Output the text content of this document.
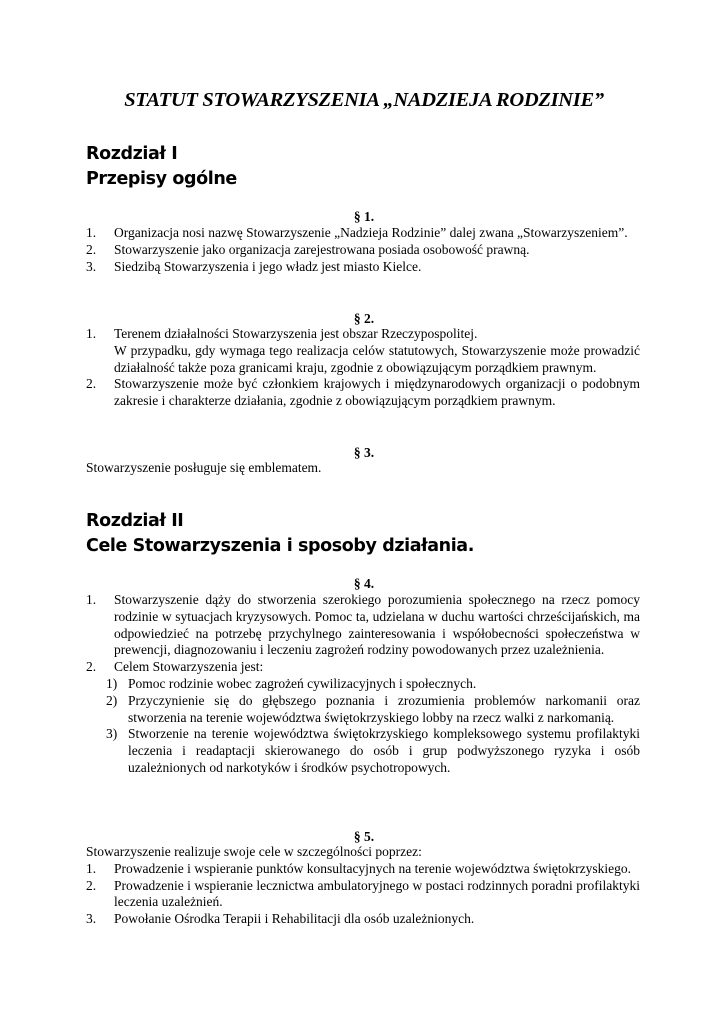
STATUT STOWARZYSZENIA „NADZIEJA RODZINIE”
Rozdział I
Przepisy ogólne
§ 1.
1.	Organizacja nosi nazwę Stowarzyszenie „Nadzieja Rodzinie” dalej zwana „Stowarzyszeniem”.
2.	Stowarzyszenie jako organizacja zarejestrowana posiada osobowość prawną.
3.	Siedzibą Stowarzyszenia i jego władz jest miasto Kielce.
§ 2.
1.	Terenem działalności Stowarzyszenia jest obszar Rzeczypospolitej.
W przypadku, gdy wymaga tego realizacja celów statutowych, Stowarzyszenie może prowadzić działalność także poza granicami kraju, zgodnie z obowiązującym porządkiem prawnym.
2.	Stowarzyszenie może być członkiem krajowych i międzynarodowych organizacji o podobnym zakresie i charakterze działania, zgodnie z obowiązującym porządkiem prawnym.
§ 3.
Stowarzyszenie posługuje się emblematem.
Rozdział II
Cele Stowarzyszenia i sposoby działania.
§ 4.
1.	Stowarzyszenie dąży do stworzenia szerokiego porozumienia społecznego na rzecz pomocy rodzinie w sytuacjach kryzysowych. Pomoc ta, udzielana w duchu wartości chrześcijańskich, ma odpowiedzieć na potrzebę przychylnego zainteresowania i współobecności społeczeństwa w prewencji, diagnozowaniu i leczeniu zagrożeń rodziny powodowanych przez uzależnienia.
2.	Celem Stowarzyszenia jest:
1) Pomoc rodzinie wobec zagrożeń cywilizacyjnych i społecznych.
2) Przyczynienie się do głębszego poznania i zrozumienia problemów narkomanii oraz stworzenia na terenie województwa świętokrzyskiego lobby na rzecz walki z narkomanią.
3) Stworzenie na terenie województwa świętokrzyskiego kompleksowego systemu profilaktyki leczenia i readaptacji skierowanego do osób i grup podwyższonego ryzyka i osób uzależnionych od narkotyków i środków psychotropowych.
§ 5.
Stowarzyszenie realizuje swoje cele w szczególności poprzez:
1.	Prowadzenie i wspieranie punktów konsultacyjnych na terenie województwa świętokrzyskiego.
2.	Prowadzenie i wspieranie lecznictwa ambulatoryjnego w postaci rodzinnych poradni profilaktyki leczenia uzależnień.
3.	Powołanie Ośrodka Terapii i Rehabilitacji dla osób uzależnionych.
